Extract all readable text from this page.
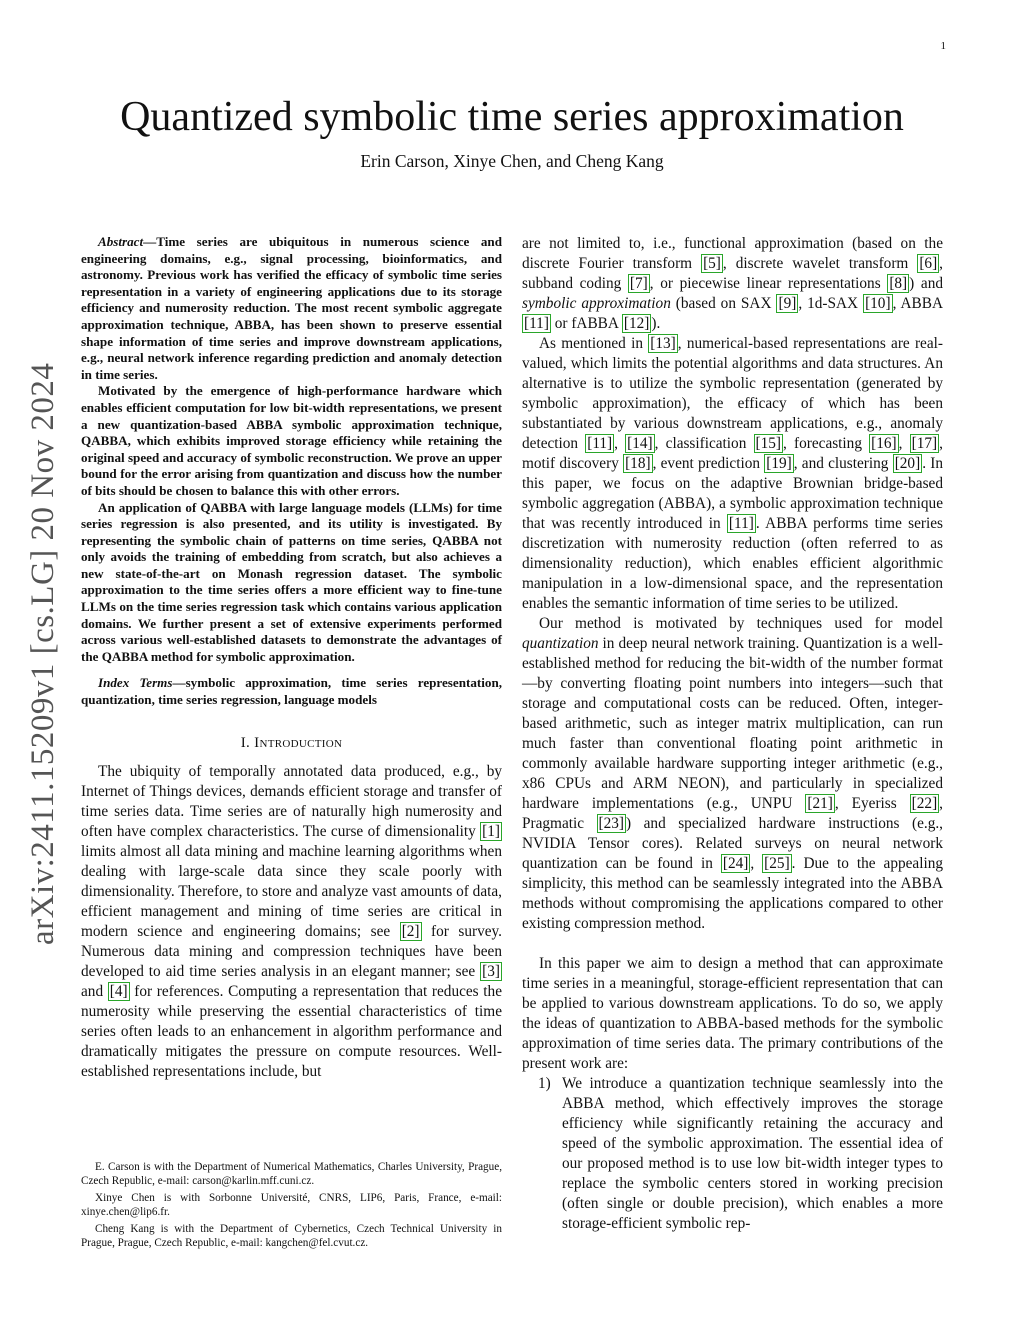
1
arXiv:2411.15209v1 [cs.LG] 20 Nov 2024
Quantized symbolic time series approximation
Erin Carson, Xinye Chen, and Cheng Kang

Abstract—Time series are ubiquitous in numerous science and engineering domains, e.g., signal processing, bioinformatics, and astronomy. Previous work has verified the efficacy of symbolic time series representation in a variety of engineering applications due to its storage efficiency and numerosity reduction. The most recent symbolic aggregate approximation technique, ABBA, has been shown to preserve essential shape information of time series and improve downstream applications, e.g., neural network inference regarding prediction and anomaly detection in time series.

Motivated by the emergence of high-performance hardware which enables efficient computation for low bit-width representations, we present a new quantization-based ABBA symbolic approximation technique, QABBA, which exhibits improved storage efficiency while retaining the original speed and accuracy of symbolic reconstruction. We prove an upper bound for the error arising from quantization and discuss how the number of bits should be chosen to balance this with other errors.

An application of QABBA with large language models (LLMs) for time series regression is also presented, and its utility is investigated. By representing the symbolic chain of patterns on time series, QABBA not only avoids the training of embedding from scratch, but also achieves a new state-of-the-art on Monash regression dataset. The symbolic approximation to the time series offers a more efficient way to fine-tune LLMs on the time series regression task which contains various application domains. We further present a set of extensive experiments performed across various well-established datasets to demonstrate the advantages of the QABBA method for symbolic approximation.

Index Terms—symbolic approximation, time series representation, quantization, time series regression, language models
I. Introduction

The ubiquity of temporally annotated data produced, e.g., by Internet of Things devices, demands efficient storage and transfer of time series data. Time series are of naturally high numerosity and often have complex characteristics. The curse of dimensionality [1] limits almost all data mining and machine learning algorithms when dealing with large-scale data since they scale poorly with dimensionality. Therefore, to store and analyze vast amounts of data, efficient management and mining of time series are critical in modern science and engineering domains; see [2] for survey. Numerous data mining and compression techniques have been developed to aid time series analysis in an elegant manner; see [3] and [4] for references. Computing a representation that reduces the numerosity while preserving the essential characteristics of time series often leads to an enhancement in algorithm performance and dramatically mitigates the pressure on compute resources. Well-established representations include, but

E. Carson is with the Department of Numerical Mathematics, Charles University, Prague, Czech Republic, e-mail: carson@karlin.mff.cuni.cz.

Xinye Chen is with Sorbonne Université, CNRS, LIP6, Paris, France, e-mail: xinye.chen@lip6.fr.

Cheng Kang is with the Department of Cybernetics, Czech Technical University in Prague, Prague, Czech Republic, e-mail: kangchen@fel.cvut.cz.

are not limited to, i.e., functional approximation (based on the discrete Fourier transform [5] , discrete wavelet transform [6] , subband coding [7] , or piecewise linear representations [8] ) and symbolic approximation (based on SAX [9] , 1d-SAX [10] , ABBA [11] or fABBA [12] ).

As mentioned in [13] , numerical-based representations are real-valued, which limits the potential algorithms and data structures. An alternative is to utilize the symbolic representation (generated by symbolic approximation), the efficacy of which has been substantiated by various downstream applications, e.g., anomaly detection [11] , [14] , classification [15] , forecasting [16] , [17] , motif discovery [18] , event prediction [19] , and clustering [20] . In this paper, we focus on the adaptive Brownian bridge-based symbolic aggregation (ABBA), a symbolic approximation technique that was recently introduced in [11] . ABBA performs time series discretization with numerosity reduction (often referred to as dimensionality reduction), which enables efficient algorithmic manipulation in a low-dimensional space, and the representation enables the semantic information of time series to be utilized.

Our method is motivated by techniques used for model quantization in deep neural network training. Quantization is a well-established method for reducing the bit-width of the number format—by converting floating point numbers into integers—such that storage and computational costs can be reduced. Often, integer-based arithmetic, such as integer matrix multiplication, can run much faster than conventional floating point arithmetic in commonly available hardware supporting integer arithmetic (e.g., x86 CPUs and ARM NEON), and particularly in specialized hardware implementations (e.g., UNPU [21] , Eyeriss [22] , Pragmatic [23] ) and specialized hardware instructions (e.g., NVIDIA Tensor cores). Related surveys on neural network quantization can be found in [24] , [25] . Due to the appealing simplicity, this method can be seamlessly integrated into the ABBA methods without compromising the applications compared to other existing compression method.

In this paper we aim to design a method that can approximate time series in a meaningful, storage-efficient representation that can be applied to various downstream applications. To do so, we apply the ideas of quantization to ABBA-based methods for the symbolic approximation of time series data. The primary contributions of the present work are:

1) We introduce a quantization technique seamlessly into the ABBA method, which effectively improves the storage efficiency while significantly retaining the accuracy and speed of the symbolic approximation. The essential idea of our proposed method is to use low bit-width integer types to replace the symbolic centers stored in working precision (often single or double precision), which enables a more storage-efficient symbolic rep-
